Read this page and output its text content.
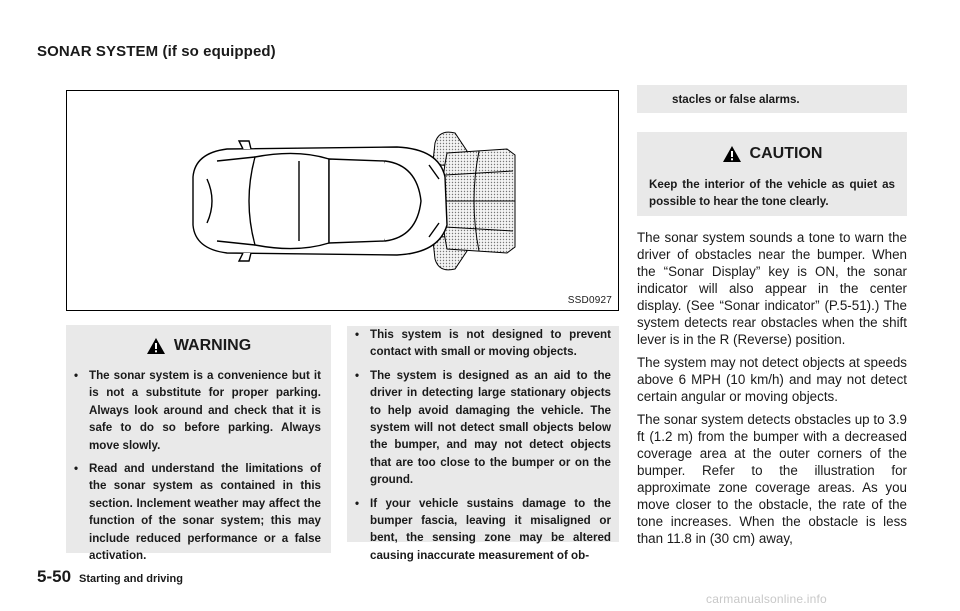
SONAR SYSTEM (if so equipped)
SSD0927
WARNING
• The sonar system is a convenience but it is not a substitute for proper parking. Always look around and check that it is safe to do so before parking. Always move slowly.
• Read and understand the limitations of the sonar system as contained in this section. Inclement weather may affect the function of the sonar system; this may include reduced performance or a false activation.
• This system is not designed to prevent contact with small or moving objects.
• The system is designed as an aid to the driver in detecting large stationary objects to help avoid damaging the vehicle. The system will not detect small objects below the bumper, and may not detect objects that are too close to the bumper or on the ground.
• If your vehicle sustains damage to the bumper fascia, leaving it misaligned or bent, the sensing zone may be altered causing inaccurate measurement of ob-
stacles or false alarms.
CAUTION
Keep the interior of the vehicle as quiet as possible to hear the tone clearly.

The sonar system sounds a tone to warn the driver of obstacles near the bumper. When the “Sonar Display” key is ON, the sonar indicator will also appear in the center display. (See “Sonar indicator” (P.5-51).) The system detects rear obstacles when the shift lever is in the R (Reverse) position.

The system may not detect objects at speeds above 6 MPH (10 km/h) and may not detect certain angular or moving objects.

The sonar system detects obstacles up to 3.9 ft (1.2 m) from the bumper with a decreased coverage area at the outer corners of the bumper. Refer to the illustration for approximate zone coverage areas. As you move closer to the obstacle, the rate of the tone increases. When the obstacle is less than 11.8 in (30 cm) away,

5-50 Starting and driving
carmanualsonline.info
